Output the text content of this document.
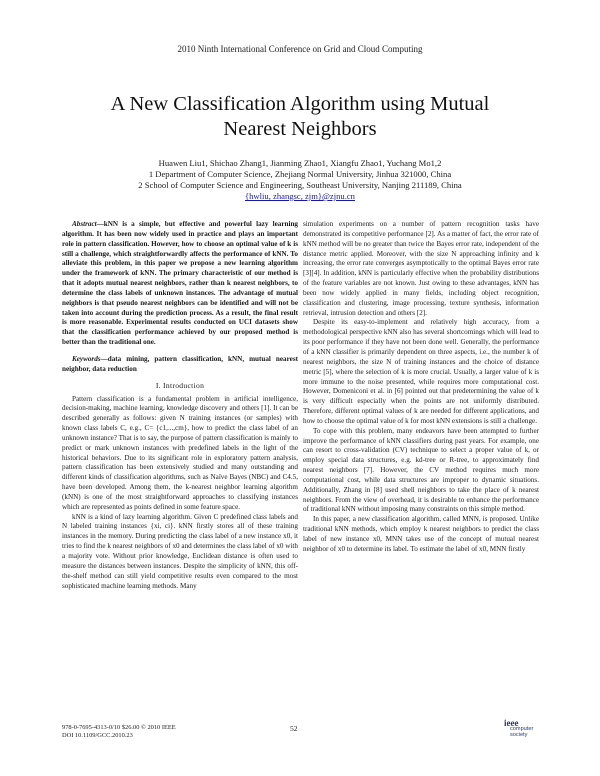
2010 Ninth International Conference on Grid and Cloud Computing
A New Classification Algorithm using Mutual
Nearest Neighbors
Huawen Liu1, Shichao Zhang1, Jianming Zhao1, Xiangfu Zhao1, Yuchang Mo1,2
1 Department of Computer Science, Zhejiang Normal University, Jinhua 321000, China
2 School of Computer Science and Engineering, Southeast University, Nanjing 211189, China
{hwliu, zhangsc, zjm}@zjnu.cn

Abstract—kNN is a simple, but effective and powerful lazy learning algorithm. It has been now widely used in practice and plays an important role in pattern classification. However, how to choose an optimal value of k is still a challenge, which straightforwardly affects the performance of kNN. To alleviate this problem, in this paper we propose a new learning algorithm under the framework of kNN. The primary characteristic of our method is that it adopts mutual nearest neighbors, rather than k nearest neighbors, to determine the class labels of unknown instances. The advantage of mutual neighbors is that pseudo nearest neighbors can be identified and will not be taken into account during the prediction process. As a result, the final result is more reasonable. Experimental results conducted on UCI datasets show that the classification performance achieved by our proposed method is better than the traditional one.

Keywords—data mining, pattern classification, kNN, mutual nearest neighbor, data reduction

I. Introduction

Pattern classification is a fundamental problem in artificial intelligence, decision-making, machine learning, knowledge discovery and others [1]. It can be described generally as follows: given N training instances (or samples) with known class labels C, e.g., C= {c1,...,cm}, how to predict the class label of an unknown instance? That is to say, the purpose of pattern classification is mainly to predict or mark unknown instances with predefined labels in the light of the historical behaviors. Due to its significant role in exploratory pattern analysis, pattern classification has been extensively studied and many outstanding and different kinds of classification algorithms, such as Naïve Bayes (NBC) and C4.5, have been developed. Among them, the k-nearest neighbor learning algorithm (kNN) is one of the most straightforward approaches to classifying instances which are represented as points defined in some feature space.

kNN is a kind of lazy learning algorithm. Given C predefined class labels and N labeled training instances {xi, ci}. kNN firstly stores all of these training instances in the memory. During predicting the class label of a new instance x0, it tries to find the k nearest neighbors of x0 and determines the class label of x0 with a majority vote. Without prior knowledge, Euclidean distance is often used to measure the distances between instances. Despite the simplicity of kNN, this off-the-shelf method can still yield competitive results even compared to the most sophisticated machine learning methods. Many

simulation experiments on a number of pattern recognition tasks have demonstrated its competitive performance [2]. As a matter of fact, the error rate of kNN method will be no greater than twice the Bayes error rate, independent of the distance metric applied. Moreover, with the size N approaching infinity and k increasing, the error rate converges asymptotically to the optimal Bayes error rate [3][4]. In addition, kNN is particularly effective when the probability distributions of the feature variables are not known. Just owing to these advantages, kNN has been now widely applied in many fields, including object recognition, classification and clustering, image processing, texture synthesis, information retrieval, intrusion detection and others [2].

Despite its easy-to-implement and relatively high accuracy, from a methodological perspective kNN also has several shortcomings which will lead to its poor performance if they have not been done well. Generally, the performance of a kNN classifier is primarily dependent on three aspects, i.e., the number k of nearest neighbors, the size N of training instances and the choice of distance metric [5], where the selection of k is more crucial. Usually, a larger value of k is more immune to the noise presented, while requires more computational cost. However, Domeniconi et al. in [6] pointed out that predetermining the value of k is very difficult especially when the points are not uniformly distributed. Therefore, different optimal values of k are needed for different applications, and how to choose the optimal value of k for most kNN extensions is still a challenge.

To cope with this problem, many endeavors have been attempted to further improve the performance of kNN classifiers during past years. For example, one can resort to cross-validation (CV) technique to select a proper value of k, or employ special data structures, e.g. kd-tree or R-tree, to approximately find nearest neighbors [7]. However, the CV method requires much more computational cost, while data structures are improper to dynamic situations. Additionally, Zhang in [8] used shell neighbors to take the place of k nearest neighbors. From the view of overhead, it is desirable to enhance the performance of traditional kNN without imposing many constraints on this simple method.

In this paper, a new classification algorithm, called MNN, is proposed. Unlike traditional kNN methods, which employ k nearest neighbors to predict the class label of new instance x0, MNN takes use of the concept of mutual nearest neighbor of x0 to determine its label. To estimate the label of x0, MNN firstly

978-0-7695-4313-0/10 $26.00 © 2010 IEEE
DOI 10.1109/GCC.2010.23
52
ieee
computer
society
